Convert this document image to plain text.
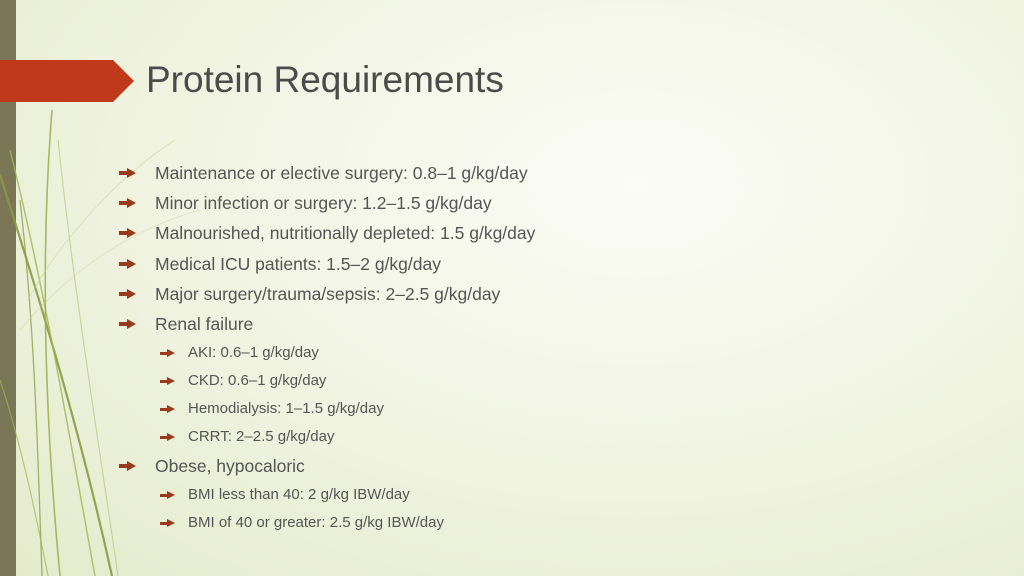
Protein Requirements
Maintenance or elective surgery: 0.8–1 g/kg/day
Minor infection or surgery: 1.2–1.5 g/kg/day
Malnourished, nutritionally depleted: 1.5 g/kg/day
Medical ICU patients: 1.5–2 g/kg/day
Major surgery/trauma/sepsis: 2–2.5 g/kg/day
Renal failure
AKI: 0.6–1 g/kg/day
CKD: 0.6–1 g/kg/day
Hemodialysis: 1–1.5 g/kg/day
CRRT: 2–2.5 g/kg/day
Obese, hypocaloric
BMI less than 40: 2 g/kg IBW/day
BMI of 40 or greater: 2.5 g/kg IBW/day
